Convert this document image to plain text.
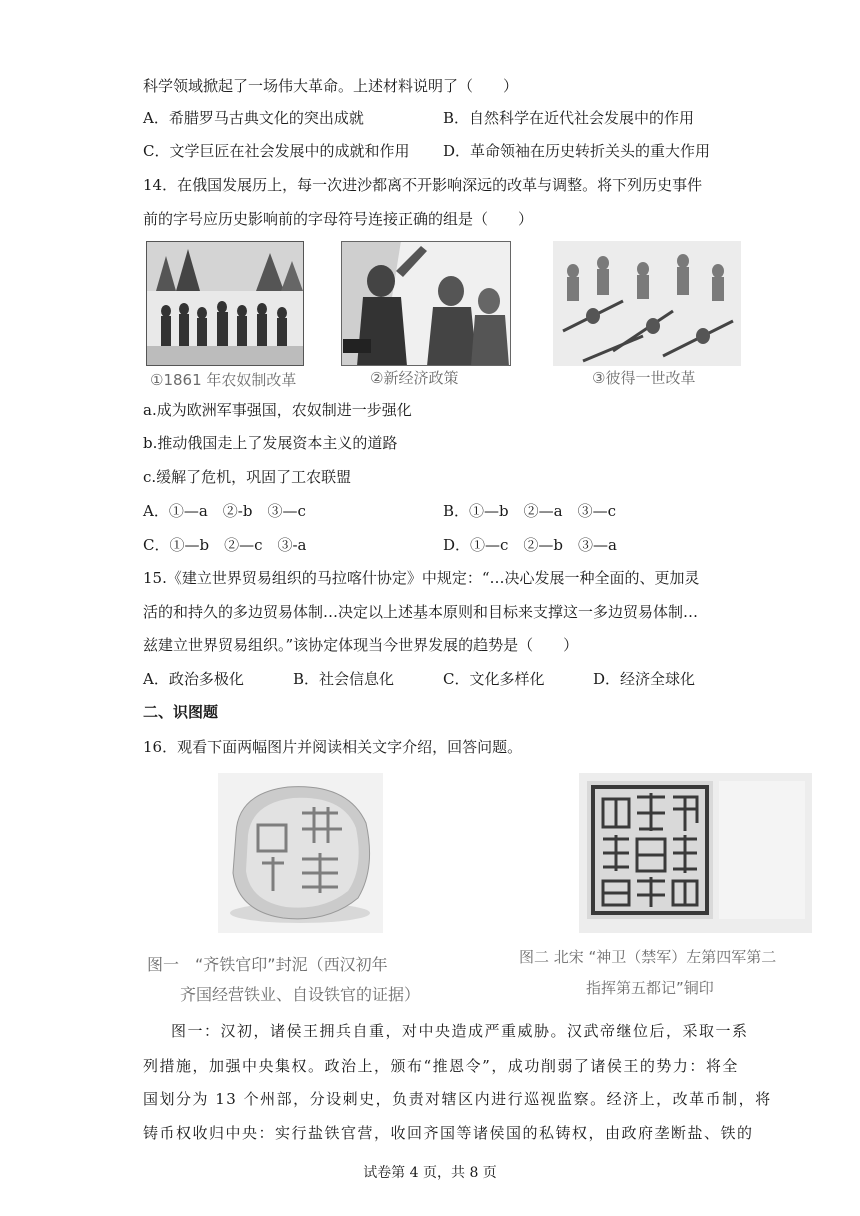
科学领域掀起了一场伟大革命。上述材料说明了（　　）
A．希腊罗马古典文化的突出成就	B．自然科学在近代社会发展中的作用
C．文学巨匠在社会发展中的成就和作用 D．革命领袖在历史转折关头的重大作用
14．在俄国发展历上，每一次进沙都离不开影响深远的改革与调整。将下列历史事件
前的字号应历史影响前的字母符号连接正确的组是（　　）
①1861 年农奴制改革	②新经济政策	③彼得一世改革
a.成为欧洲军事强国，农奴制进一步强化
b.推动俄国走上了发展资本主义的道路
c.缓解了危机，巩固了工农联盟
A．①—a　②-b　③—c	B．①—b　②—a　③—c
C．①—b　②—c　③-a	D．①—c　②—b　③—a
15.《建立世界贸易组织的马拉喀什协定》中规定：“…决心发展一种全面的、更加灵
活的和持久的多边贸易体制…决定以上述基本原则和目标来支撑这一多边贸易体制…
兹建立世界贸易组织。”该协定体现当今世界发展的趋势是（　　）
A．政治多极化	B．社会信息化	C．文化多样化	D．经济全球化
二、识图题
16．观看下面两幅图片并阅读相关文字介绍，回答问题。
图一　“齐铁官印”封泥（西汉初年
齐国经营铁业、自设铁官的证据）
图二 北宋 “神卫（禁军）左第四军第二
指挥第五都记”铜印
图一：汉初，诸侯王拥兵自重，对中央造成严重威胁。汉武帝继位后，采取一系
列措施，加强中央集权。政治上，颁布“推恩令”，成功削弱了诸侯王的势力：将全
国划分为 13 个州部，分设刺史，负责对辖区内进行巡视监察。经济上，改革币制，将
铸币权收归中央：实行盐铁官营，收回齐国等诸侯国的私铸权，由政府垄断盐、铁的
试卷第 4 页，共 8 页
